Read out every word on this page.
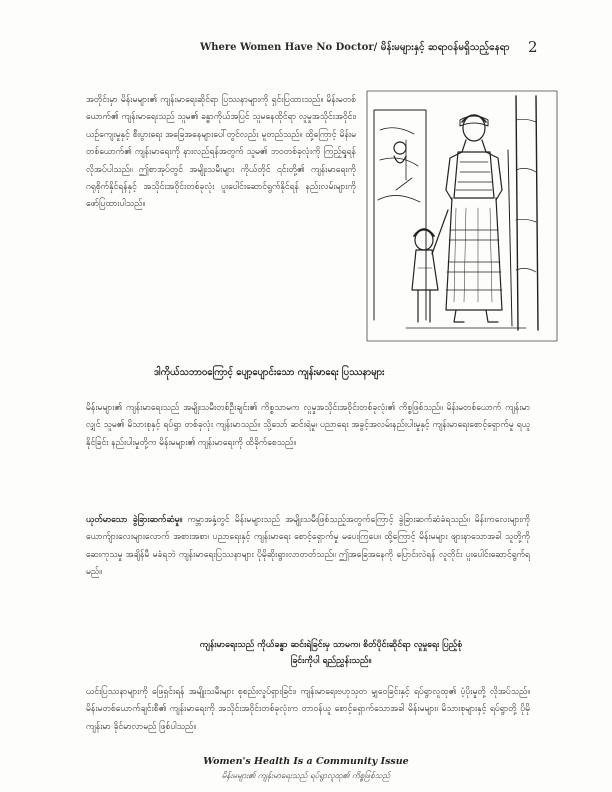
Where Women Have No Doctor/ မိန်းမများနှင့် ဆရာဝန်မရှိသည့်နေရာ 2
အတိုင်းမှာ မိန်းမများ၏ ကျန်းမာရေးဆိုင်ရာ ပြဿနာများကို ရှင်းပြထားသည်။ မိန်းမတစ်ယောက်၏ ကျန်းမာရေးသည် သူမ၏ ခန္ဓာကိုယ်အပြင် သူမနေထိုင်ရာ လူမှုအသိုင်းအဝိုင်း၊ ယဉ်ကျေးမှုနှင့် စီးပွားရေး အခြေအနေများပေါ်တွင်လည်း မူတည်သည်။ ထို့ကြောင့် မိန်းမတစ်ယောက်၏ ကျန်းမာရေးကို နားလည်ရန်အတွက် သူမ၏ ဘဝတစ်ခုလုံးကို ကြည့်ရှုရန် လိုအပ်ပါသည်။ ဤစာအုပ်တွင် အမျိုးသမီးများ ကိုယ်တိုင် ၎င်းတို့၏ ကျန်းမာရေးကို ဂရုစိုက်နိုင်ရန်နှင့် အသိုင်းအဝိုင်းတစ်ခုလုံး ပူးပေါင်းဆောင်ရွက်နိုင်ရန် နည်းလမ်းများကို ဖော်ပြထားပါသည်။
ဒါကိုယ်သဘာဝကြောင့် ပျော့ပျောင်းသော ကျန်းမာရေး ပြဿနာများ
မိန်းမများ၏ ကျန်းမာရေးသည် အမျိုးသမီးတစ်ဦးချင်း၏ ကိစ္စသာမက လူမှုအသိုင်းအဝိုင်းတစ်ခုလုံး၏ ကိစ္စဖြစ်သည်။ မိန်းမတစ်ယောက် ကျန်းမာလျှင် သူမ၏ မိသားစုနှင့် ရပ်ရွာ တစ်ခုလုံး ကျန်းမာသည်။ သို့သော် ဆင်းရဲမှု၊ ပညာရေး အခွင့်အလမ်းနည်းပါးမှုနှင့် ကျန်းမာရေးစောင့်ရှောက်မှု ရယူနိုင်ခြင်း နည်းပါးမှုတို့က မိန်းမများ၏ ကျန်းမာရေးကို ထိခိုက်စေသည်။
ယုတ်မာသော ခွဲခြားဆက်ဆံမှု။ ကမ္ဘာအနှံ့တွင် မိန်းမများသည် အမျိုးသမီးဖြစ်သည့်အတွက်ကြောင့် ခွဲခြားဆက်ဆံခံရသည်။ မိန်းကလေးများကို ယောက်ျားလေးများလောက် အစားအစာ၊ ပညာရေးနှင့် ကျန်းမာရေး စောင့်ရှောက်မှု မပေးကြပေ။ ထို့ကြောင့် မိန်းမများ ဖျားနာသောအခါ သူတို့ကို ဆေးကုသမှု အချိန်မီ မခံရဘဲ ကျန်းမာရေးပြဿနာများ ပိုမိုဆိုးရွားလာတတ်သည်။ ဤအခြေအနေကို ပြောင်းလဲရန် လူတိုင်း ပူးပေါင်းဆောင်ရွက်ရမည်။
ကျန်းမာရေးသည် ကိုယ်ခန္ဓာ ဆင်းရဲခြင်းမှ သာမက၊ စိတ်ပိုင်းဆိုင်ရာ လူမှုရေး ပြည့်စုံခြင်းကိုပါ ရည်ညွှန်းသည်။
ယင်းပြဿနာများကို ဖြေရှင်းရန် အမျိုးသမီးများ စုစည်းလှုပ်ရှားခြင်း၊ ကျန်းမာရေးဗဟုသုတ မျှဝေခြင်းနှင့် ရပ်ရွာလူထု၏ ပံ့ပိုးမှုတို့ လိုအပ်သည်။ မိန်းမတစ်ယောက်ချင်းစီ၏ ကျန်းမာရေးကို အသိုင်းအဝိုင်းတစ်ခုလုံးက တာဝန်ယူ စောင့်ရှောက်သောအခါ မိန်းမများ၊ မိသားစုများနှင့် ရပ်ရွာတို့ ပိုမိုကျန်းမာ ခိုင်မာလာမည် ဖြစ်ပါသည်။
Women's Health Is a Community Issue
မိန်းမများ၏ ကျန်းမာရေးသည် ရပ်ရွာလူထု၏ ကိစ္စဖြစ်သည်
